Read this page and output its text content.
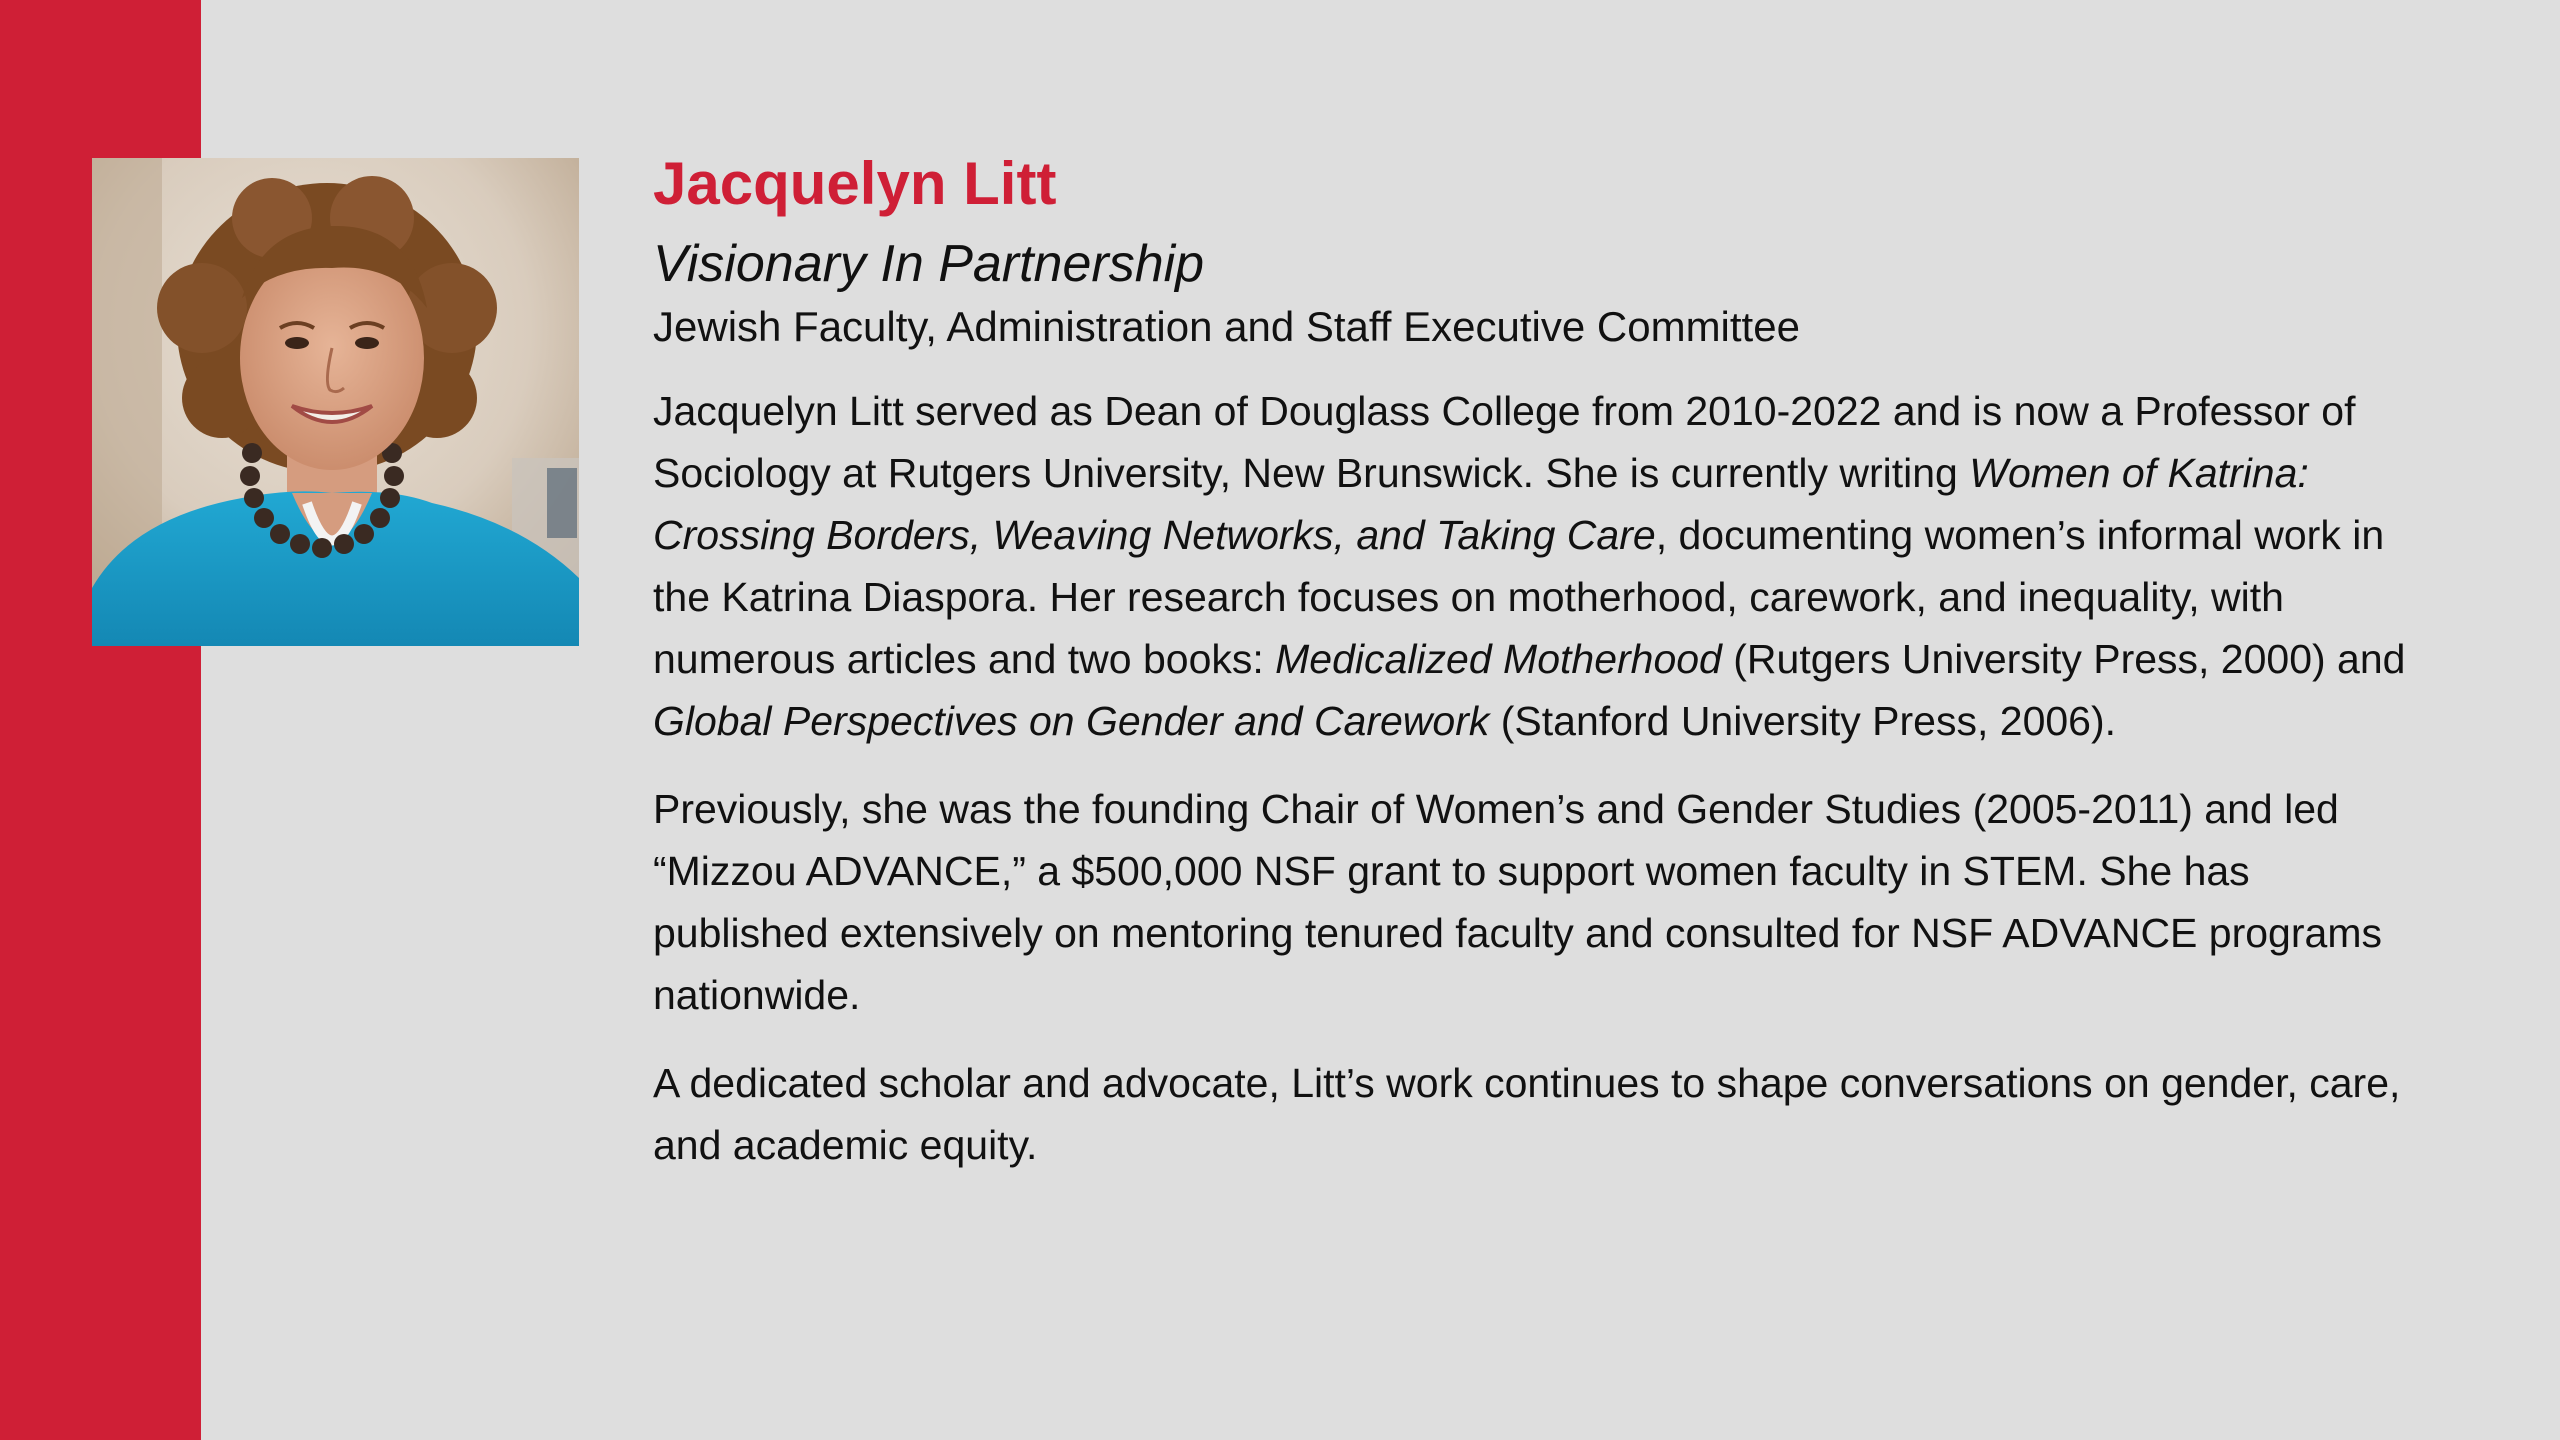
Jacquelyn Litt
Visionary In Partnership
Jewish Faculty, Administration and Staff Executive Committee

Jacquelyn Litt served as Dean of Douglass College from 2010-2022 and is now a Professor of Sociology at Rutgers University, New Brunswick. She is currently writing Women of Katrina: Crossing Borders, Weaving Networks, and Taking Care, documenting women’s informal work in the Katrina Diaspora. Her research focuses on motherhood, carework, and inequality, with numerous articles and two books: Medicalized Motherhood (Rutgers University Press, 2000) and Global Perspectives on Gender and Carework (Stanford University Press, 2006).

Previously, she was the founding Chair of Women’s and Gender Studies (2005-2011) and led “Mizzou ADVANCE,” a $500,000 NSF grant to support women faculty in STEM. She has published extensively on mentoring tenured faculty and consulted for NSF ADVANCE programs nationwide.

A dedicated scholar and advocate, Litt’s work continues to shape conversations on gender, care, and academic equity.
